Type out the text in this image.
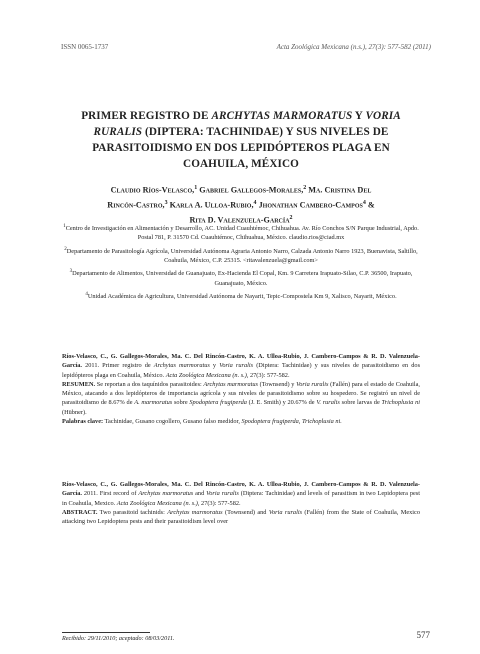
ISSN 0065-1737	Acta Zoológica Mexicana (n.s.), 27(3): 577-582 (2011)
PRIMER REGISTRO DE ARCHYTAS MARMORATUS Y VORIA
RURALIS (DIPTERA: TACHINIDAE) Y SUS NIVELES DE
PARASITOIDISMO EN DOS LEPIDÓPTEROS PLAGA EN
COAHUILA, MÉXICO
Claudio Ríos-Velasco,$^1$ Gabriel Gallegos-Morales,$^2$ Ma. Cristina Del
Rincón-Castro,$^3$ Karla A. Ulloa-Rubio,$^4$ Jhonathan Cambero-Campos$^4$ &
Rita D. Valenzuela-García$^2$

$^1$Centro de Investigación en Alimentación y Desarrollo, AC. Unidad Cuauhtémoc, Chihuahua. Av. Río Conchos S/N Parque Industrial, Apdo. Postal 781, P. 31570 Cd. Cuauhtémoc, Chihuahua, México. claudio.rios@ciad.mx

$^2$Departamento de Parasitología Agrícola, Universidad Autónoma Agraria Antonio Narro, Calzada Antonio Narro 1923, Buenavista, Saltillo, Coahuila, México, C.P. 25315. <ritavalenzuela@gmail.com>

$^3$Departamento de Alimentos, Universidad de Guanajuato, Ex-Hacienda El Copal, Km. 9 Carretera Irapuato-Silao, C.P. 36500, Irapuato, Guanajuato, México.

$^4$Unidad Académica de Agricultura, Universidad Autónoma de Nayarit, Tepic-Compostela Km 9, Xalisco, Nayarit, México.

Ríos-Velasco, C., G. Gallegos-Morales, Ma. C. Del Rincón-Castro, K. A. Ulloa-Rubio, J. Cambero-Campos & R. D. Valenzuela-García. 2011. Primer registro de Archytas marmoratus y Voria ruralis (Diptera: Tachinidae) y sus niveles de parasitoidismo en dos lepidópteros plaga en Coahuila, México. Acta Zoológica Mexicana (n. s.), 27(3): 577-582.

RESUMEN. Se reportan a dos taquínidos parasitoides: Archytas marmoratus (Townsend) y Voria ruralis (Fallén) para el estado de Coahuila, México, atacando a dos lepidópteros de importancia agrícola y sus niveles de parasitoidismo sobre su hospedero. Se registró un nivel de parasitoidismo de 8.67% de A. marmoratus sobre Spodoptera frugiperda (J. E. Smith) y 20.67% de V. ruralis sobre larvas de Trichoplusia ni (Hübner).

Palabras clave: Tachinidae, Gusano cogollero, Gusano falso medidor, Spodoptera frugiperda, Trichoplusia ni.

Ríos-Velasco, C., G. Gallegos-Morales, Ma. C. Del Rincón-Castro, K. A. Ulloa-Rubio, J. Cambero-Campos & R. D. Valenzuela-García. 2011. First record of Archytas marmoratus and Voria ruralis (Diptera: Tachinidae) and levels of parasitism in two Lepidoptera pest in Coahuila, Mexico. Acta Zoológica Mexicana (n. s.), 27(3): 577-582.

ABSTRACT. Two parasitoid tachinids: Archytas marmoratus (Townsend) and Voria ruralis (Fallén) from the State of Coahuila, Mexico attacking two Lepidoptera pests and their parasitoidism level over

Recibido: 29/11/2010; aceptado: 08/03/2011.	577
